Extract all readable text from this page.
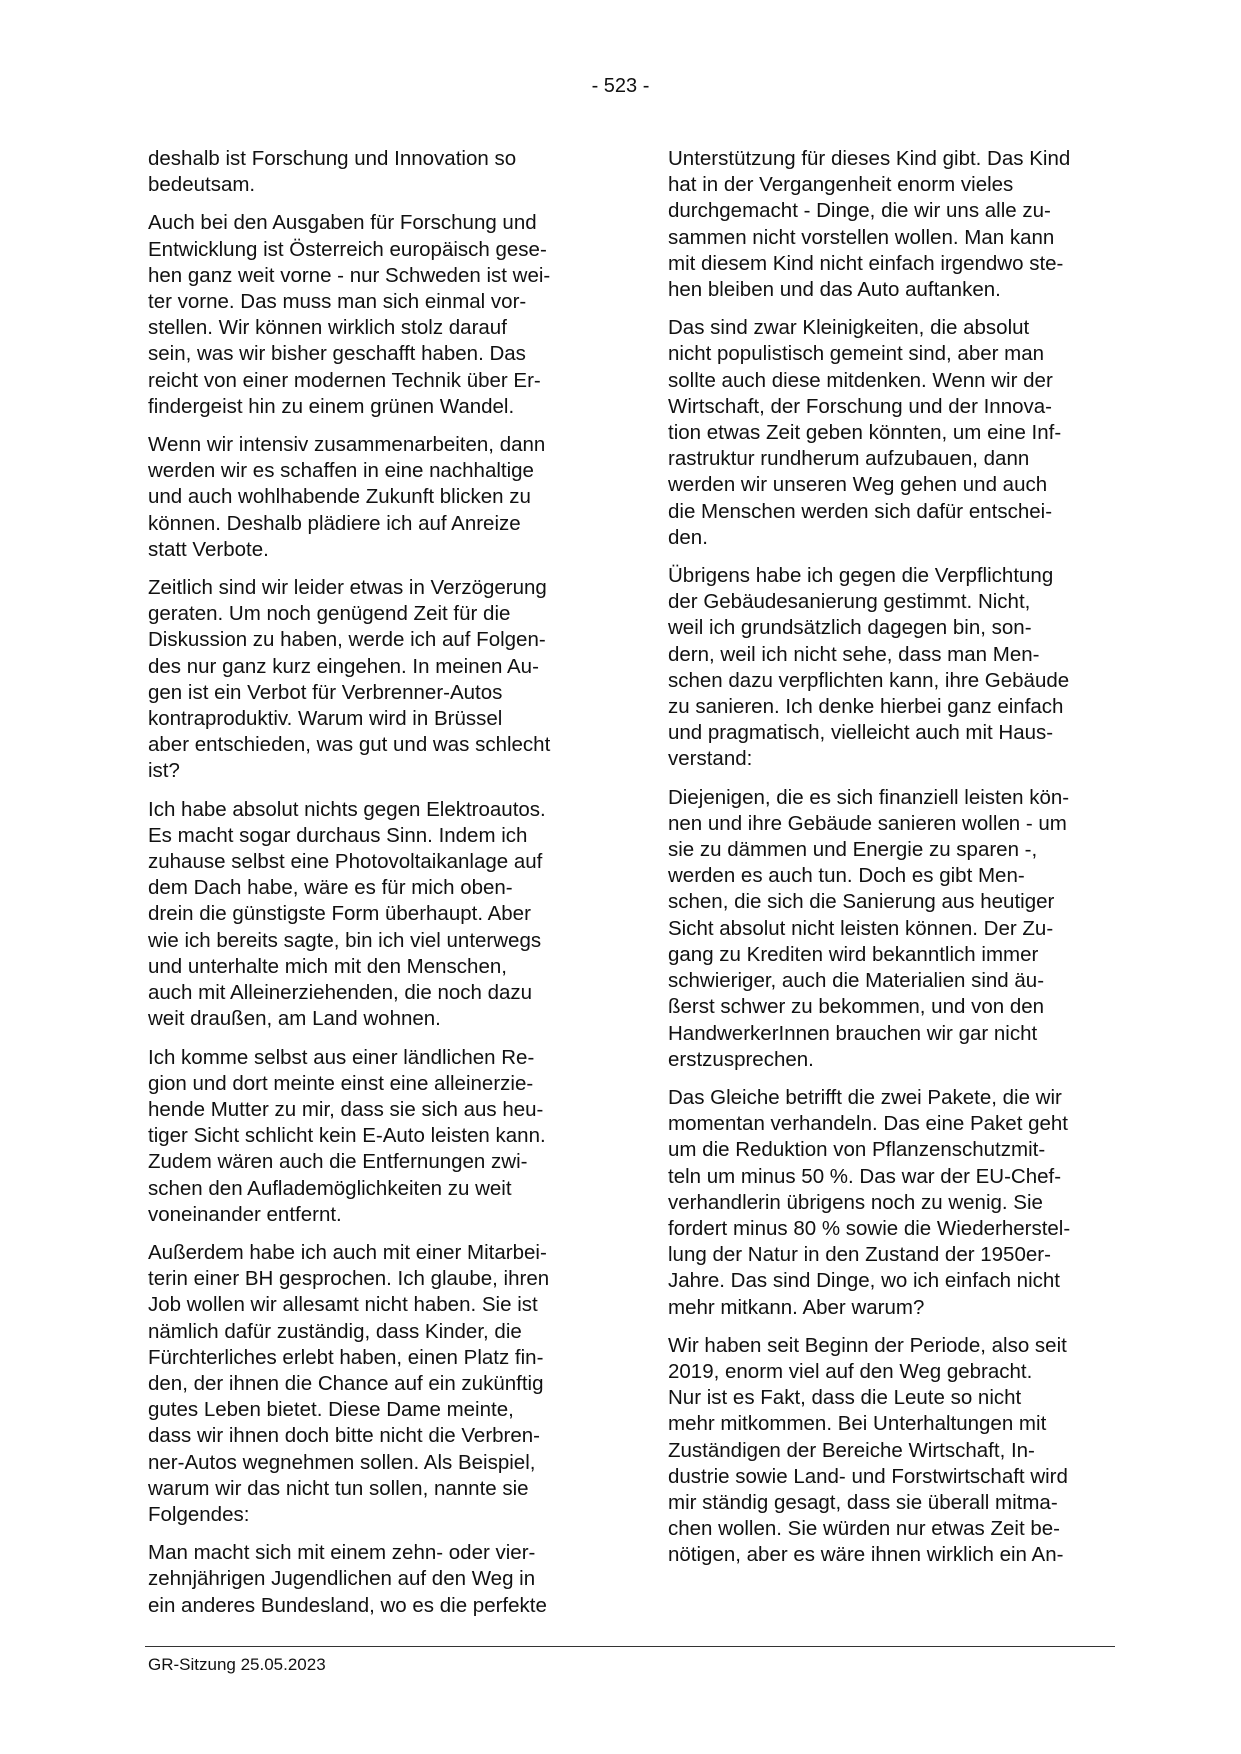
- 523 -

deshalb ist Forschung und Innovation so
bedeutsam.

Auch bei den Ausgaben für Forschung und
Entwicklung ist Österreich europäisch gese-
hen ganz weit vorne - nur Schweden ist wei-
ter vorne. Das muss man sich einmal vor-
stellen. Wir können wirklich stolz darauf
sein, was wir bisher geschafft haben. Das
reicht von einer modernen Technik über Er-
findergeist hin zu einem grünen Wandel.

Wenn wir intensiv zusammenarbeiten, dann
werden wir es schaffen in eine nachhaltige
und auch wohlhabende Zukunft blicken zu
können. Deshalb plädiere ich auf Anreize
statt Verbote.

Zeitlich sind wir leider etwas in Verzögerung
geraten. Um noch genügend Zeit für die
Diskussion zu haben, werde ich auf Folgen-
des nur ganz kurz eingehen. In meinen Au-
gen ist ein Verbot für Verbrenner-Autos
kontraproduktiv. Warum wird in Brüssel
aber entschieden, was gut und was schlecht
ist?

Ich habe absolut nichts gegen Elektroautos.
Es macht sogar durchaus Sinn. Indem ich
zuhause selbst eine Photovoltaikanlage auf
dem Dach habe, wäre es für mich oben-
drein die günstigste Form überhaupt. Aber
wie ich bereits sagte, bin ich viel unterwegs
und unterhalte mich mit den Menschen,
auch mit Alleinerziehenden, die noch dazu
weit draußen, am Land wohnen.

Ich komme selbst aus einer ländlichen Re-
gion und dort meinte einst eine alleinerzie-
hende Mutter zu mir, dass sie sich aus heu-
tiger Sicht schlicht kein E-Auto leisten kann.
Zudem wären auch die Entfernungen zwi-
schen den Auflademöglichkeiten zu weit
voneinander entfernt.

Außerdem habe ich auch mit einer Mitarbei-
terin einer BH gesprochen. Ich glaube, ihren
Job wollen wir allesamt nicht haben. Sie ist
nämlich dafür zuständig, dass Kinder, die
Fürchterliches erlebt haben, einen Platz fin-
den, der ihnen die Chance auf ein zukünftig
gutes Leben bietet. Diese Dame meinte,
dass wir ihnen doch bitte nicht die Verbren-
ner-Autos wegnehmen sollen. Als Beispiel,
warum wir das nicht tun sollen, nannte sie
Folgendes:

Man macht sich mit einem zehn- oder vier-
zehnjährigen Jugendlichen auf den Weg in
ein anderes Bundesland, wo es die perfekte

Unterstützung für dieses Kind gibt. Das Kind
hat in der Vergangenheit enorm vieles
durchgemacht - Dinge, die wir uns alle zu-
sammen nicht vorstellen wollen. Man kann
mit diesem Kind nicht einfach irgendwo ste-
hen bleiben und das Auto auftanken.

Das sind zwar Kleinigkeiten, die absolut
nicht populistisch gemeint sind, aber man
sollte auch diese mitdenken. Wenn wir der
Wirtschaft, der Forschung und der Innova-
tion etwas Zeit geben könnten, um eine Inf-
rastruktur rundherum aufzubauen, dann
werden wir unseren Weg gehen und auch
die Menschen werden sich dafür entschei-
den.

Übrigens habe ich gegen die Verpflichtung
der Gebäudesanierung gestimmt. Nicht,
weil ich grundsätzlich dagegen bin, son-
dern, weil ich nicht sehe, dass man Men-
schen dazu verpflichten kann, ihre Gebäude
zu sanieren. Ich denke hierbei ganz einfach
und pragmatisch, vielleicht auch mit Haus-
verstand:

Diejenigen, die es sich finanziell leisten kön-
nen und ihre Gebäude sanieren wollen - um
sie zu dämmen und Energie zu sparen -,
werden es auch tun. Doch es gibt Men-
schen, die sich die Sanierung aus heutiger
Sicht absolut nicht leisten können. Der Zu-
gang zu Krediten wird bekanntlich immer
schwieriger, auch die Materialien sind äu-
ßerst schwer zu bekommen, und von den
HandwerkerInnen brauchen wir gar nicht
erstzusprechen.

Das Gleiche betrifft die zwei Pakete, die wir
momentan verhandeln. Das eine Paket geht
um die Reduktion von Pflanzenschutzmit-
teln um minus 50 %. Das war der EU-Chef-
verhandlerin übrigens noch zu wenig. Sie
fordert minus 80 % sowie die Wiederherstel-
lung der Natur in den Zustand der 1950er-
Jahre. Das sind Dinge, wo ich einfach nicht
mehr mitkann. Aber warum?

Wir haben seit Beginn der Periode, also seit
2019, enorm viel auf den Weg gebracht.
Nur ist es Fakt, dass die Leute so nicht
mehr mitkommen. Bei Unterhaltungen mit
Zuständigen der Bereiche Wirtschaft, In-
dustrie sowie Land- und Forstwirtschaft wird
mir ständig gesagt, dass sie überall mitma-
chen wollen. Sie würden nur etwas Zeit be-
nötigen, aber es wäre ihnen wirklich ein An-

GR-Sitzung 25.05.2023
